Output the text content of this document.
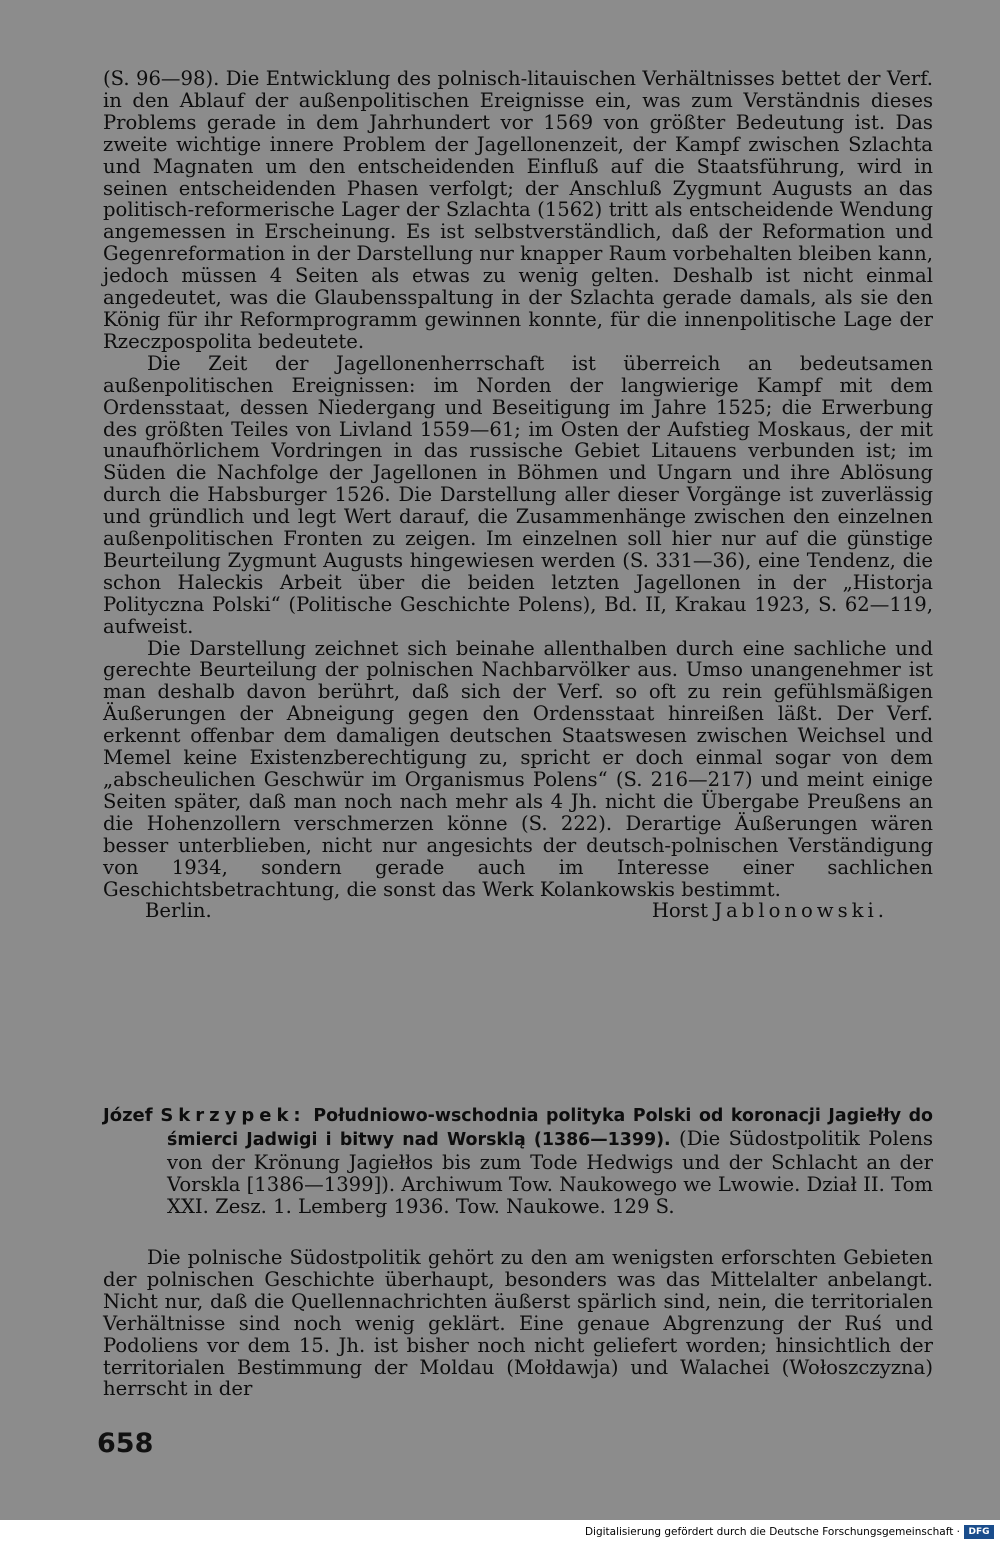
(S. 96—98). Die Entwicklung des polnisch-litauischen Verhältnisses bettet der Verf. in den Ablauf der außenpolitischen Ereignisse ein, was zum Verständnis dieses Problems gerade in dem Jahrhundert vor 1569 von größter Bedeutung ist. Das zweite wichtige innere Problem der Jagellonenzeit, der Kampf zwischen Szlachta und Magnaten um den entscheidenden Einfluß auf die Staatsführung, wird in seinen entscheidenden Phasen verfolgt; der Anschluß Zygmunt Augusts an das politisch-reformerische Lager der Szlachta (1562) tritt als entscheidende Wendung angemessen in Erscheinung. Es ist selbstverständlich, daß der Reformation und Gegenreformation in der Darstellung nur knapper Raum vorbehalten bleiben kann, jedoch müssen 4 Seiten als etwas zu wenig gelten. Deshalb ist nicht einmal angedeutet, was die Glaubensspaltung in der Szlachta gerade damals, als sie den König für ihr Reformprogramm gewinnen konnte, für die innenpolitische Lage der Rzeczpospolita bedeutete.

Die Zeit der Jagellonenherrschaft ist überreich an bedeutsamen außenpolitischen Ereignissen: im Norden der langwierige Kampf mit dem Ordensstaat, dessen Niedergang und Beseitigung im Jahre 1525; die Erwerbung des größten Teiles von Livland 1559—61; im Osten der Aufstieg Moskaus, der mit unaufhörlichem Vordringen in das russische Gebiet Litauens verbunden ist; im Süden die Nachfolge der Jagellonen in Böhmen und Ungarn und ihre Ablösung durch die Habsburger 1526. Die Darstellung aller dieser Vorgänge ist zuverlässig und gründlich und legt Wert darauf, die Zusammenhänge zwischen den einzelnen außenpolitischen Fronten zu zeigen. Im einzelnen soll hier nur auf die günstige Beurteilung Zygmunt Augusts hingewiesen werden (S. 331—36), eine Tendenz, die schon Haleckis Arbeit über die beiden letzten Jagellonen in der „Historja Polityczna Polski“ (Politische Geschichte Polens), Bd. II, Krakau 1923, S. 62—119, aufweist.

Die Darstellung zeichnet sich beinahe allenthalben durch eine sachliche und gerechte Beurteilung der polnischen Nachbarvölker aus. Umso unangenehmer ist man deshalb davon berührt, daß sich der Verf. so oft zu rein gefühlsmäßigen Äußerungen der Abneigung gegen den Ordensstaat hinreißen läßt. Der Verf. erkennt offenbar dem damaligen deutschen Staatswesen zwischen Weichsel und Memel keine Existenzberechtigung zu, spricht er doch einmal sogar von dem „abscheulichen Geschwür im Organismus Polens“ (S. 216—217) und meint einige Seiten später, daß man noch nach mehr als 4 Jh. nicht die Übergabe Preußens an die Hohenzollern verschmerzen könne (S. 222). Derartige Äußerungen wären besser unterblieben, nicht nur angesichts der deutsch-polnischen Verständigung von 1934, sondern gerade auch im Interesse einer sachlichen Geschichtsbetrachtung, die sonst das Werk Kolankowskis bestimmt.

Berlin.	Horst Jablonowski.

Józef Skrzypek: Południowo-wschodnia polityka Polski od koronacji Jagiełły do śmierci Jadwigi i bitwy nad Worsklą (1386—1399). (Die Südostpolitik Polens von der Krönung Jagiełłos bis zum Tode Hedwigs und der Schlacht an der Vorskla [1386—1399]). Archiwum Tow. Naukowego we Lwowie. Dział II. Tom XXI. Zesz. 1. Lemberg 1936. Tow. Naukowe. 129 S.

Die polnische Südostpolitik gehört zu den am wenigsten erforschten Gebieten der polnischen Geschichte überhaupt, besonders was das Mittelalter anbelangt. Nicht nur, daß die Quellennachrichten äußerst spärlich sind, nein, die territorialen Verhältnisse sind noch wenig geklärt. Eine genaue Abgrenzung der Ruś und Podoliens vor dem 15. Jh. ist bisher noch nicht geliefert worden; hinsichtlich der territorialen Bestimmung der Moldau (Mołdawja) und Walachei (Wołoszczyzna) herrscht in der

658
Digitalisierung gefördert durch die Deutsche Forschungsgemeinschaft · DFG
